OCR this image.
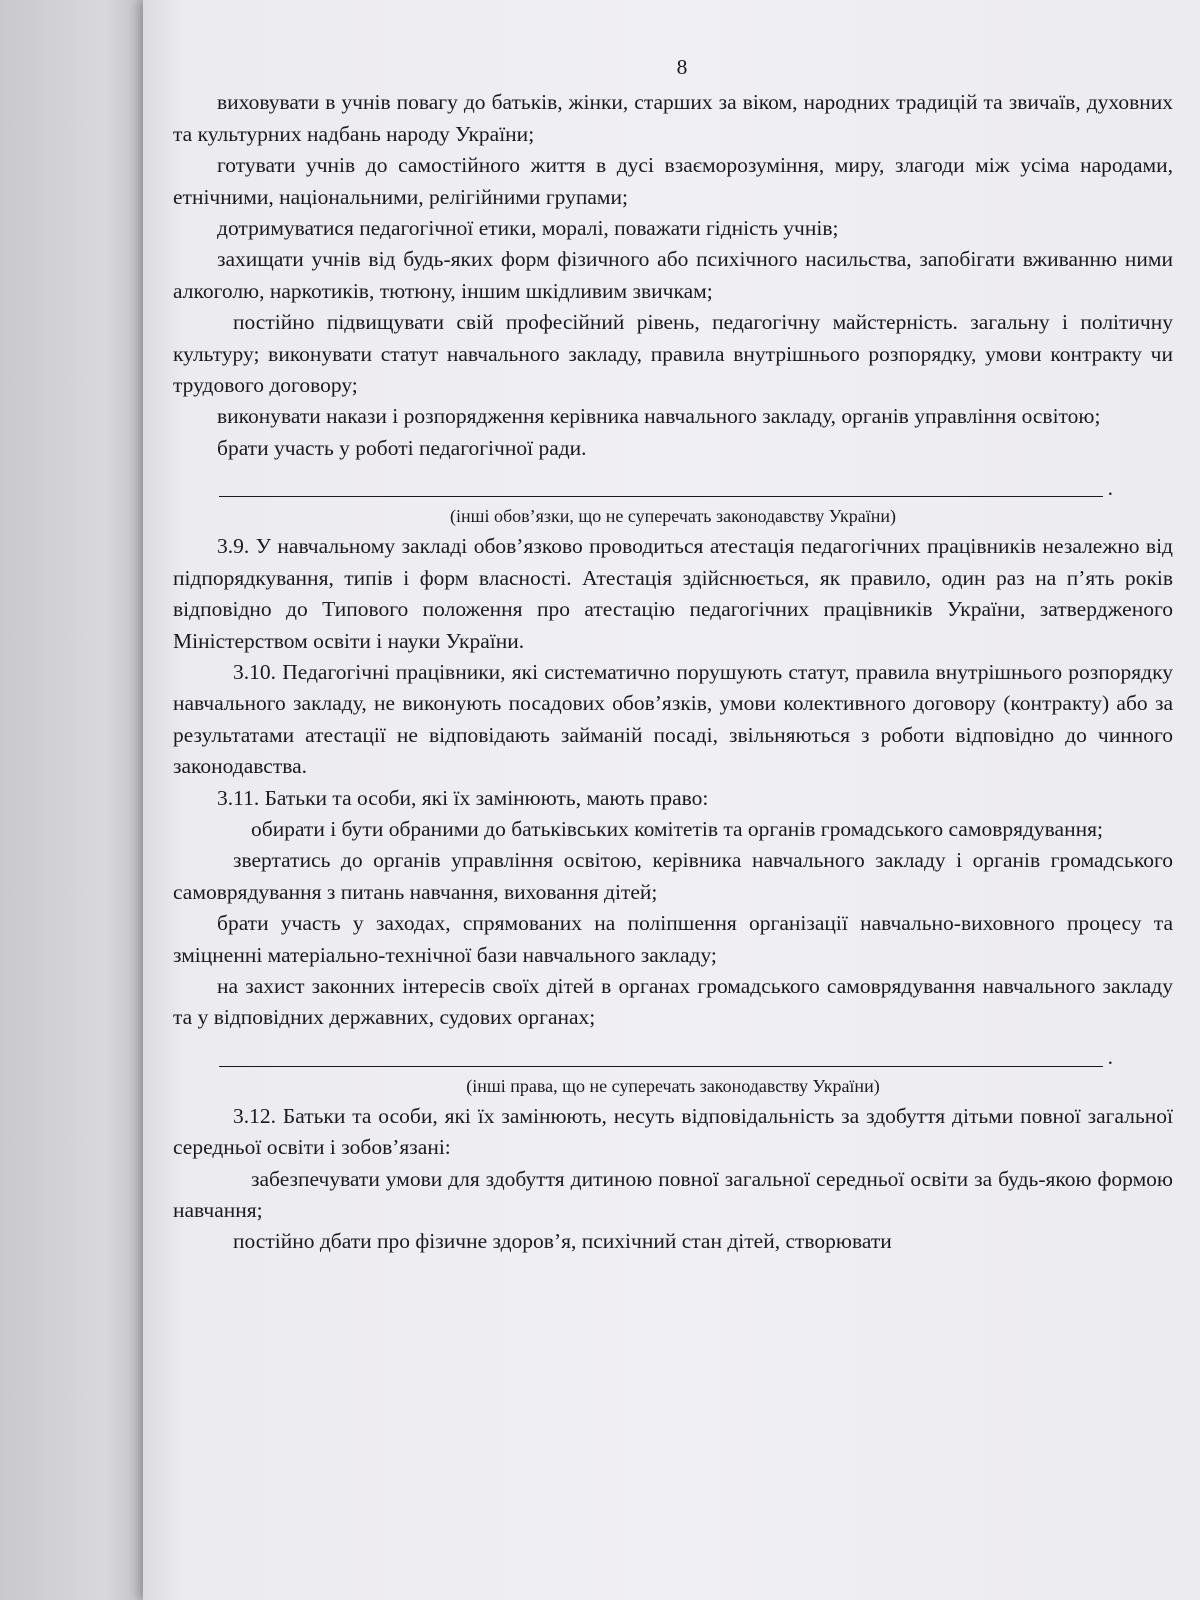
8

виховувати в учнів повагу до батьків, жінки, старших за віком, народних традицій та звичаїв, духовних та культурних надбань народу України;

готувати учнів до самостійного життя в дусі взаєморозуміння, миру, злагоди між усіма народами, етнічними, національними, релігійними групами;

дотримуватися педагогічної етики, моралі, поважати гідність учнів;

захищати учнів від будь-яких форм фізичного або психічного насильства, запобігати вживанню ними алкоголю, наркотиків, тютюну, іншим шкідливим звичкам;

постійно підвищувати свій професійний рівень, педагогічну майстерність. загальну і політичну культуру; виконувати статут навчального закладу, правила внутрішнього розпорядку, умови контракту чи трудового договору;

виконувати накази і розпорядження керівника навчального закладу, органів управління освітою;

брати участь у роботі педагогічної ради.

.
(інші обов’язки, що не суперечать законодавству України)

3.9. У навчальному закладі обов’язково проводиться атестація педагогічних працівників незалежно від підпорядкування, типів і форм власності. Атестація здійснюється, як правило, один раз на п’ять років відповідно до Типового положення про атестацію педагогічних працівників України, затвердженого Міністерством освіти і науки України.

3.10. Педагогічні працівники, які систематично порушують статут, правила внутрішнього розпорядку навчального закладу, не виконують посадових обов’язків, умови колективного договору (контракту) або за результатами атестації не відповідають займаній посаді, звільняються з роботи відповідно до чинного законодавства.

3.11. Батьки та особи, які їх замінюють, мають право:

обирати і бути обраними до батьківських комітетів та органів громадського самоврядування;

звертатись до органів управління освітою, керівника навчального закладу і органів громадського самоврядування з питань навчання, виховання дітей;

брати участь у заходах, спрямованих на поліпшення організації навчально-виховного процесу та зміцненні матеріально-технічної бази навчального закладу;

на захист законних інтересів своїх дітей в органах громадського самоврядування навчального закладу та у відповідних державних, судових органах;

.
(інші права, що не суперечать законодавству України)

3.12. Батьки та особи, які їх замінюють, несуть відповідальність за здобуття дітьми повної загальної середньої освіти і зобов’язані:

забезпечувати умови для здобуття дитиною повної загальної середньої освіти за будь-якою формою навчання;

постійно дбати про фізичне здоров’я, психічний стан дітей, створювати
